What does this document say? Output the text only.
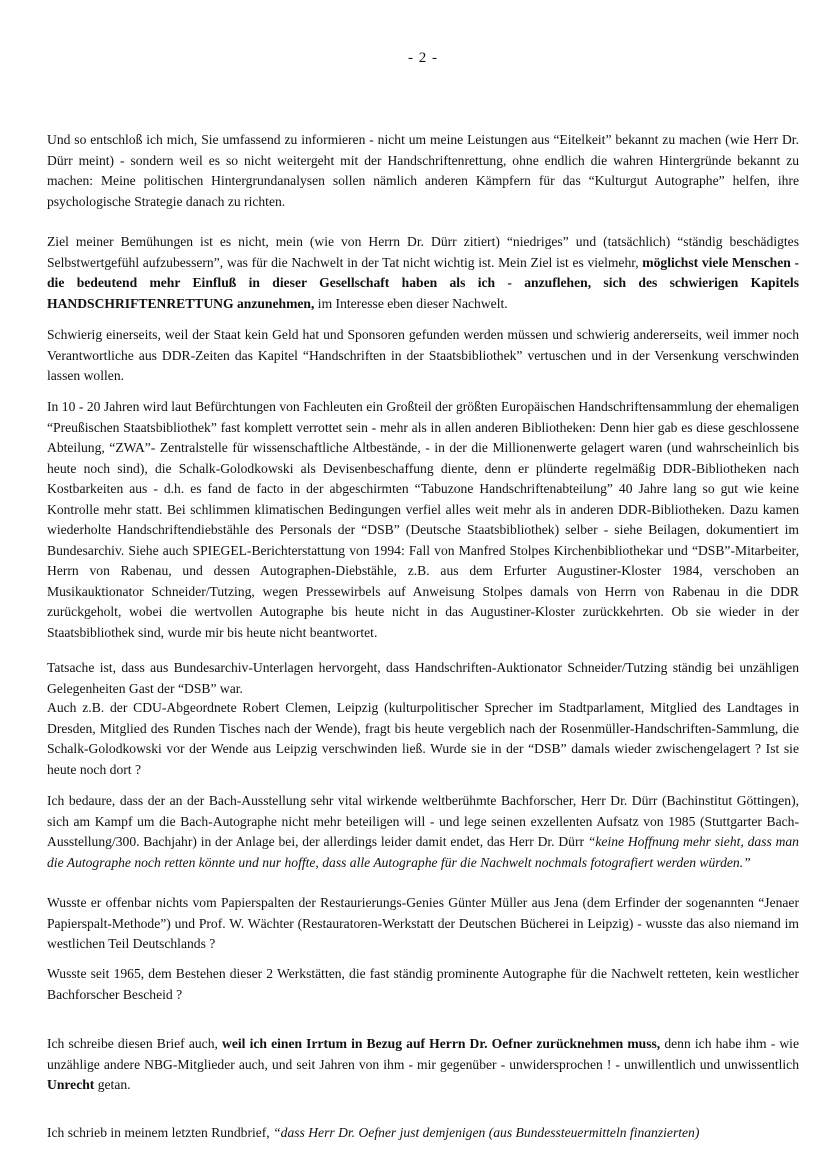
- 2 -

Und so entschloß ich mich, Sie umfassend zu informieren - nicht um meine Leistungen aus “Eitelkeit” bekannt zu machen (wie Herr Dr. Dürr meint) - sondern weil es so nicht weitergeht mit der Handschriftenrettung, ohne endlich die wahren Hintergründe bekannt zu machen: Meine politischen Hintergrundanalysen sollen nämlich anderen Kämpfern für das “Kulturgut Autographe” helfen, ihre psychologische Strategie danach zu richten.

Ziel meiner Bemühungen ist es nicht, mein (wie von Herrn Dr. Dürr zitiert) “niedriges” und (tatsächlich) “ständig beschädigtes Selbstwertgefühl aufzubessern”, was für die Nachwelt in der Tat nicht wichtig ist. Mein Ziel ist es vielmehr, möglichst viele Menschen - die bedeutend mehr Einfluß in dieser Gesellschaft haben als ich - anzuflehen, sich des schwierigen Kapitels HANDSCHRIFTENRETTUNG anzunehmen, im Interesse eben dieser Nachwelt.

Schwierig einerseits, weil der Staat kein Geld hat und Sponsoren gefunden werden müssen und schwierig andererseits, weil immer noch Verantwortliche aus DDR-Zeiten das Kapitel “Handschriften in der Staatsbibliothek” vertuschen und in der Versenkung verschwinden lassen wollen.

In 10 - 20 Jahren wird laut Befürchtungen von Fachleuten ein Großteil der größten Europäischen Handschriftensammlung der ehemaligen “Preußischen Staatsbibliothek” fast komplett verrottet sein - mehr als in allen anderen Bibliotheken: Denn hier gab es diese geschlossene Abteilung, “ZWA”- Zentralstelle für wissenschaftliche Altbestände, - in der die Millionenwerte gelagert waren (und wahrscheinlich bis heute noch sind), die Schalk-Golodkowski als Devisenbeschaffung diente, denn er plünderte regelmäßig DDR-Bibliotheken nach Kostbarkeiten aus - d.h. es fand de facto in der abgeschirmten “Tabuzone Handschriftenabteilung” 40 Jahre lang so gut wie keine Kontrolle mehr statt. Bei schlimmen klimatischen Bedingungen verfiel alles weit mehr als in anderen DDR-Bibliotheken. Dazu kamen wiederholte Handschriftendiebstähle des Personals der “DSB” (Deutsche Staatsbibliothek) selber - siehe Beilagen, dokumentiert im Bundesarchiv. Siehe auch SPIEGEL-Berichterstattung von 1994: Fall von Manfred Stolpes Kirchenbibliothekar und “DSB”-Mitarbeiter, Herrn von Rabenau, und dessen Autographen-Diebstähle, z.B. aus dem Erfurter Augustiner-Kloster 1984, verschoben an Musikauktionator Schneider/Tutzing, wegen Pressewirbels auf Anweisung Stolpes damals von Herrn von Rabenau in die DDR zurückgeholt, wobei die wertvollen Autographe bis heute nicht in das Augustiner-Kloster zurückkehrten. Ob sie wieder in der Staatsbibliothek sind, wurde mir bis heute nicht beantwortet.

Tatsache ist, dass aus Bundesarchiv-Unterlagen hervorgeht, dass Handschriften-Auktionator Schneider/Tutzing ständig bei unzähligen Gelegenheiten Gast der “DSB” war.

Auch z.B. der CDU-Abgeordnete Robert Clemen, Leipzig (kulturpolitischer Sprecher im Stadtparlament, Mitglied des Landtages in Dresden, Mitglied des Runden Tisches nach der Wende), fragt bis heute vergeblich nach der Rosenmüller-Handschriften-Sammlung, die Schalk-Golodkowski vor der Wende aus Leipzig verschwinden ließ. Wurde sie in der “DSB” damals wieder zwischengelagert ? Ist sie heute noch dort ?

Ich bedaure, dass der an der Bach-Ausstellung sehr vital wirkende weltberühmte Bachforscher, Herr Dr. Dürr (Bachinstitut Göttingen), sich am Kampf um die Bach-Autographe nicht mehr beteiligen will - und lege seinen exzellenten Aufsatz von 1985 (Stuttgarter Bach-Ausstellung/300. Bachjahr) in der Anlage bei, der allerdings leider damit endet, das Herr Dr. Dürr “keine Hoffnung mehr sieht, dass man die Autographe noch retten könnte und nur hoffte, dass alle Autographe für die Nachwelt nochmals fotografiert werden würden.”

Wusste er offenbar nichts vom Papierspalten der Restaurierungs-Genies Günter Müller aus Jena (dem Erfinder der sogenannten “Jenaer Papierspalt-Methode”) und Prof. W. Wächter (Restauratoren-Werkstatt der Deutschen Bücherei in Leipzig) - wusste das also niemand im westlichen Teil Deutschlands ?

Wusste seit 1965, dem Bestehen dieser 2 Werkstätten, die fast ständig prominente Autographe für die Nachwelt retteten, kein westlicher Bachforscher Bescheid ?

Ich schreibe diesen Brief auch, weil ich einen Irrtum in Bezug auf Herrn Dr. Oefner zurücknehmen muss, denn ich habe ihm - wie unzählige andere NBG-Mitglieder auch, und seit Jahren von ihm - mir gegenüber - unwidersprochen ! - unwillentlich und unwissentlich Unrecht getan.

Ich schrieb in meinem letzten Rundbrief, “dass Herr Dr. Oefner just demjenigen (aus Bundessteuermitteln finanzierten)
